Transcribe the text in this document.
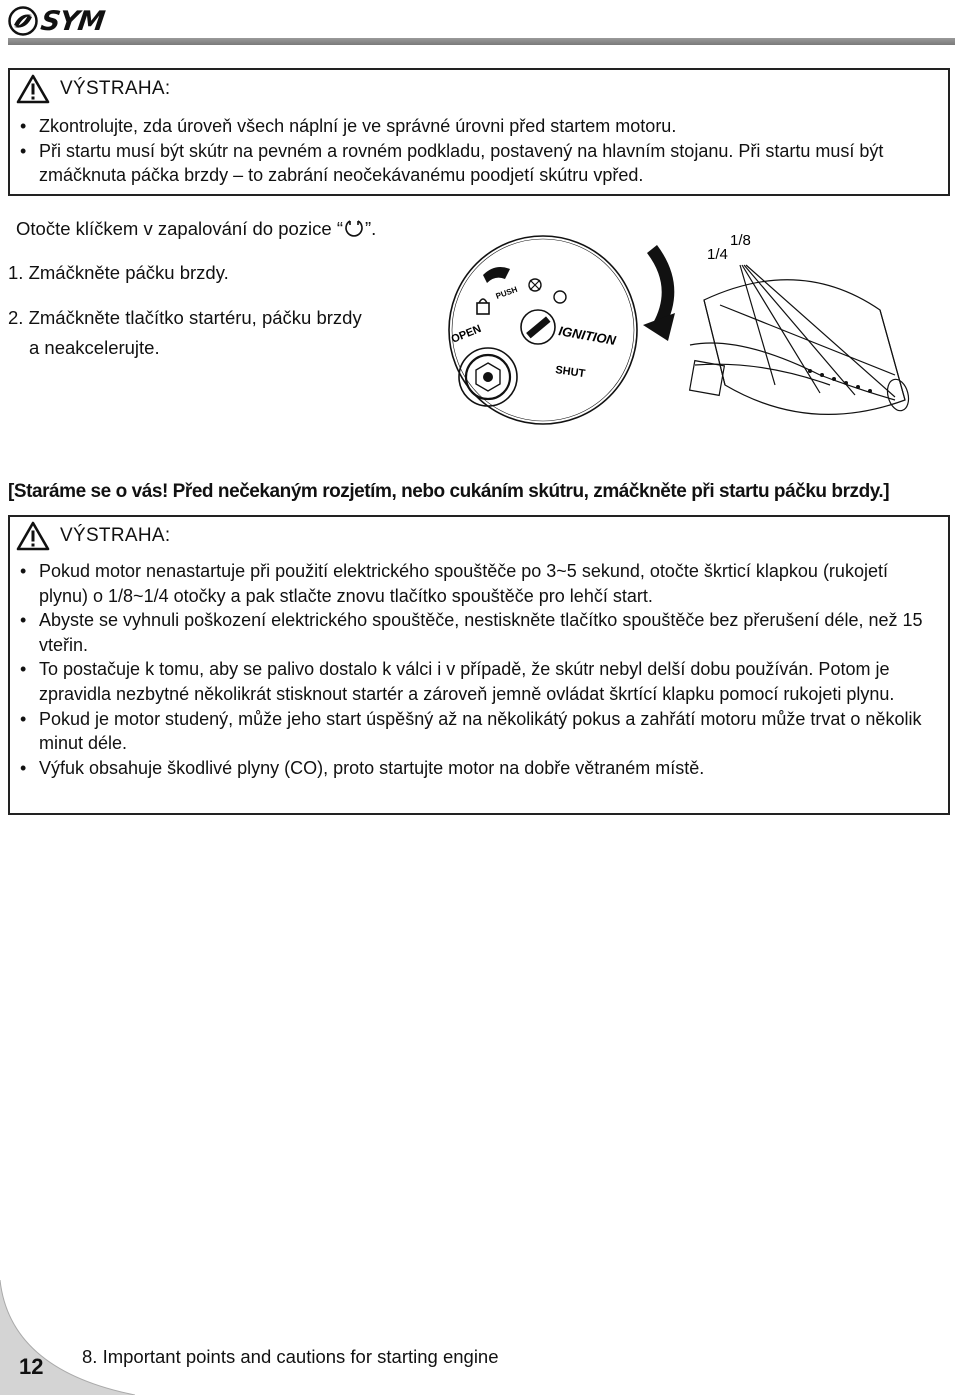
SYM
VÝSTRAHA:
• Zkontrolujte, zda úroveň všech náplní je ve správné úrovni před startem motoru.
• Při startu musí být skútr na pevném a rovném podkladu, postavený na hlavním stojanu. Při startu musí být zmáčknuta páčka brzdy – to zabrání neočekávanému poodjetí skútru vpřed.
Otočte klíčkem v zapalování do pozice “ ”.
1. Zmáčkněte páčku brzdy.
2. Zmáčkněte tlačítko startéru, páčku brzdy
a neakcelerujte.
PUSH
OPEN	IGNITION
SHUT
1/8
1/4
[Staráme se o vás! Před nečekaným rozjetím, nebo cukáním skútru, zmáčkněte při startu páčku brzdy.]
VÝSTRAHA:
• Pokud motor nenastartuje při použití elektrického spouštěče po 3~5 sekund, otočte škrticí klapkou (rukojetí plynu) o 1/8~1/4 otočky a pak stlačte znovu tlačítko spouštěče pro lehčí start.
• Abyste se vyhnuli poškození elektrického spouštěče, nestiskněte tlačítko spouštěče bez přerušení déle, než 15 vteřin.
• To postačuje k tomu, aby se palivo dostalo k válci i v případě, že skútr nebyl delší dobu používán. Potom je zpravidla nezbytné několikrát stisknout startér a zároveň jemně ovládat škrtící klapku pomocí rukojeti plynu.
• Pokud je motor studený, může jeho start úspěšný až na několikátý pokus a zahřátí motoru může trvat o několik minut déle.
• Výfuk obsahuje škodlivé plyny (CO), proto startujte motor na dobře větraném místě.
12 8. Important points and cautions for starting engine
